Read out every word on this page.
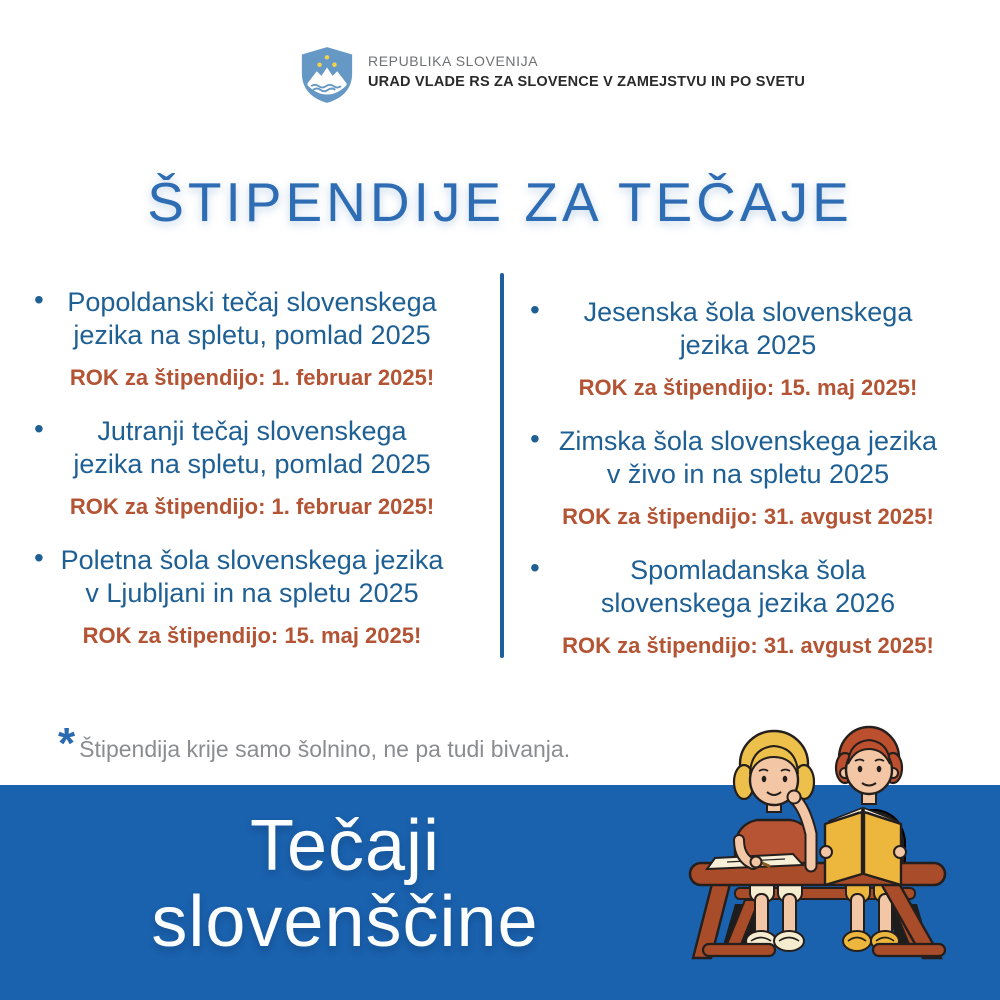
REPUBLIKA SLOVENIJA
URAD VLADE RS ZA SLOVENCE V ZAMEJSTVU IN PO SVETU
ŠTIPENDIJE ZA TEČAJE
• Popoldanski tečaj slovenskega
jezika na spletu, pomlad 2025
ROK za štipendijo: 1. februar 2025!
•	Jutranji tečaj slovenskega
jezika na spletu, pomlad 2025
ROK za štipendijo: 1. februar 2025!
• Poletna šola slovenskega jezika
v Ljubljani in na spletu 2025
ROK za štipendijo: 15. maj 2025!
•	Jesenska šola slovenskega
jezika 2025
ROK za štipendijo: 15. maj 2025!
• Zimska šola slovenskega jezika
v živo in na spletu 2025
ROK za štipendijo: 31. avgust 2025!
•	Spomladanska šola
slovenskega jezika 2026
ROK za štipendijo: 31. avgust 2025!
* Štipendija krije samo šolnino, ne pa tudi bivanja.
Tečaji
slovenščine
